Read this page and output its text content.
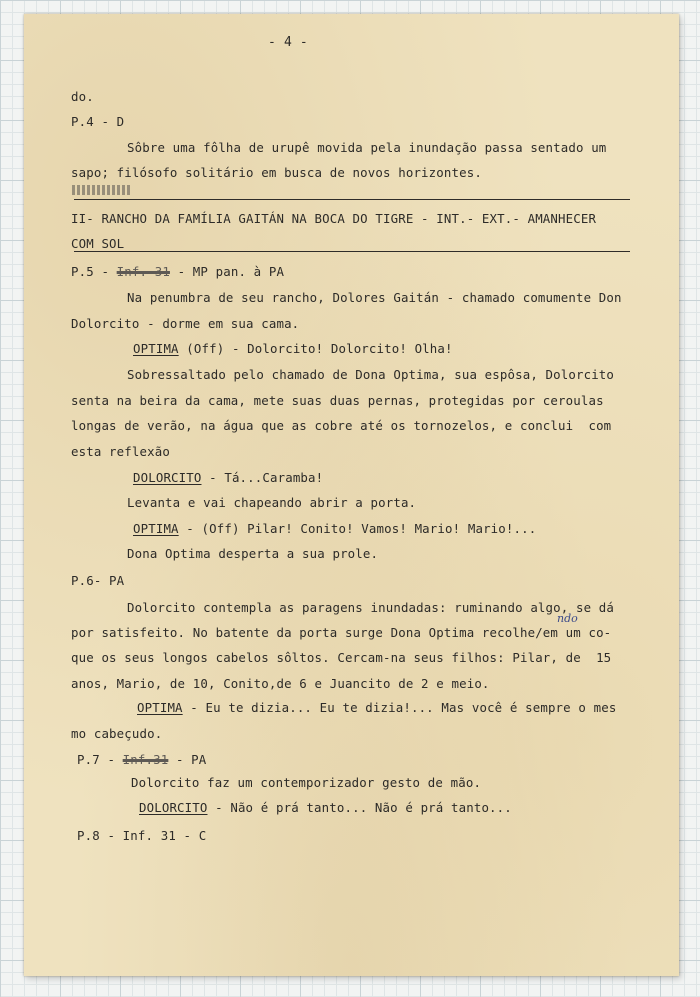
- 4 -
do.
P.4 - D
Sôbre uma fôlha de urupê movida pela inundação passa sentado um
sapo; filósofo solitário em busca de novos horizontes.
II- RANCHO DA FAMÍLIA GAITÁN NA BOCA DO TIGRE - INT.- EXT.- AMANHECER
COM SOL
P.5 - Inf. 31 - MP pan. à PA
Na penumbra de seu rancho, Dolores Gaitán - chamado comumente Don
Dolorcito - dorme em sua cama.
OPTIMA (Off) - Dolorcito! Dolorcito! Olha!
Sobressaltado pelo chamado de Dona Optima, sua espôsa, Dolorcito
senta na beira da cama, mete suas duas pernas, protegidas por ceroulas
longas de verão, na água que as cobre até os tornozelos, e conclui  com
esta reflexão
DOLORCITO - Tá...Caramba!
Levanta e vai chapeando abrir a porta.
OPTIMA - (Off) Pilar! Conito! Vamos! Mario! Mario!...
Dona Optima desperta a sua prole.
P.6- PA
Dolorcito contempla as paragens inundadas: ruminando algo, se dá
por satisfeito. No batente da porta surge Dona Optima recolhe/em um co-
ndo
que os seus longos cabelos sôltos. Cercam-na seus filhos: Pilar, de  15
anos, Mario, de 10, Conito,de 6 e Juancito de 2 e meio.
OPTIMA - Eu te dizia... Eu te dizia!... Mas você é sempre o mes
mo cabeçudo.
P.7 - Inf.31 - PA
Dolorcito faz um contemporizador gesto de mão.
DOLORCITO - Não é prá tanto... Não é prá tanto...
P.8 - Inf. 31 - C
